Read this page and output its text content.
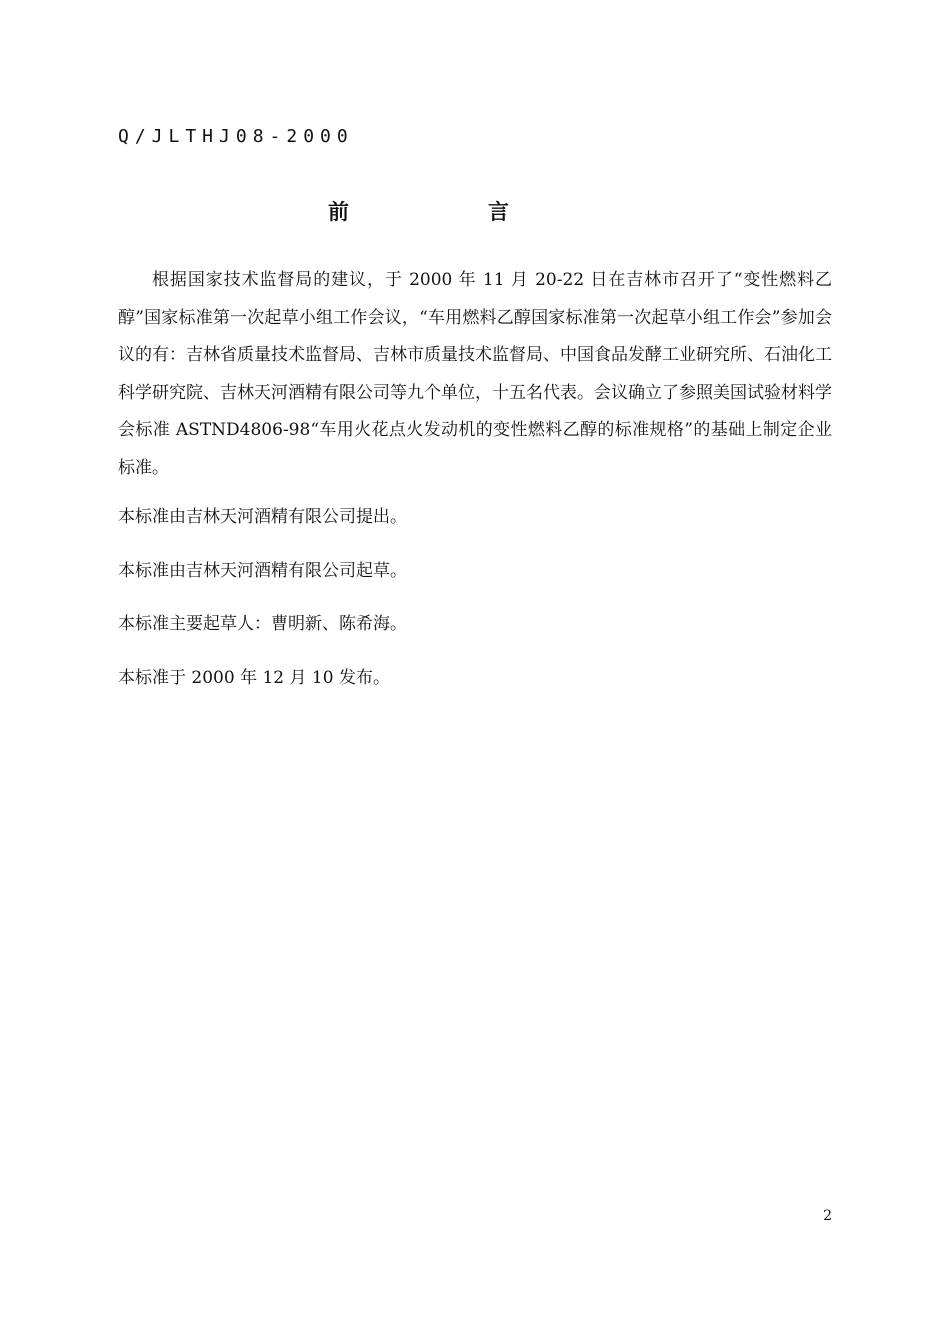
Q/JLTHJ08-2000
前	言

根据国家技术监督局的建议，于 2000 年 11 月 20-22 日在吉林市召开了“变性燃料乙醇”国家标准第一次起草小组工作会议，“车用燃料乙醇国家标准第一次起草小组工作会”参加会议的有：吉林省质量技术监督局、吉林市质量技术监督局、中国食品发酵工业研究所、石油化工科学研究院、吉林天河酒精有限公司等九个单位，十五名代表。会议确立了参照美国试验材料学会标准 ASTND4806-98“车用火花点火发动机的变性燃料乙醇的标准规格”的基础上制定企业标准。

本标准由吉林天河酒精有限公司提出。

本标准由吉林天河酒精有限公司起草。

本标准主要起草人：曹明新、陈希海。

本标准于 2000 年 12 月 10 发布。

2
